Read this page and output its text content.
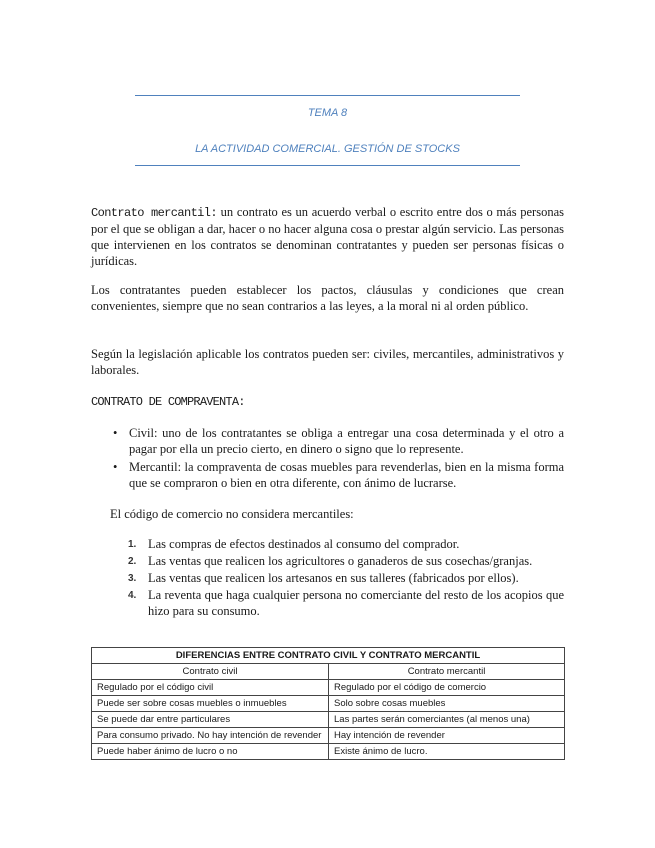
TEMA 8
LA ACTIVIDAD COMERCIAL. GESTIÓN DE STOCKS
Contrato mercantil: un contrato es un acuerdo verbal o escrito entre dos o más personas por el que se obligan a dar, hacer o no hacer alguna cosa o prestar algún servicio. Las personas que intervienen en los contratos se denominan contratantes y pueden ser personas físicas o jurídicas.
Los contratantes pueden establecer los pactos, cláusulas y condiciones que crean convenientes, siempre que no sean contrarios a las leyes, a la moral ni al orden público.
Según la legislación aplicable los contratos pueden ser: civiles, mercantiles, administrativos y laborales.
CONTRATO DE COMPRAVENTA:
• Civil: uno de los contratantes se obliga a entregar una cosa determinada y el otro a pagar por ella un precio cierto, en dinero o signo que lo represente.
• Mercantil: la compraventa de cosas muebles para revenderlas, bien en la misma forma que se compraron o bien en otra diferente, con ánimo de lucrarse.
El código de comercio no considera mercantiles:
1. Las compras de efectos destinados al consumo del comprador.
2. Las ventas que realicen los agricultores o ganaderos de sus cosechas/granjas.
3. Las ventas que realicen los artesanos en sus talleres (fabricados por ellos).
4. La reventa que haga cualquier persona no comerciante del resto de los acopios que hizo para su consumo.
DIFERENCIAS ENTRE CONTRATO CIVIL Y CONTRATO MERCANTIL	
Contrato civil	Contrato mercantil
Regulado por el código civil	Regulado por el código de comercio
Puede ser sobre cosas muebles o inmuebles	Solo sobre cosas muebles
Se puede dar entre particulares	Las partes serán comerciantes (al menos una)
Para consumo privado. No hay intención de revender	Hay intención de revender
Puede haber ánimo de lucro o no	Existe ánimo de lucro.
